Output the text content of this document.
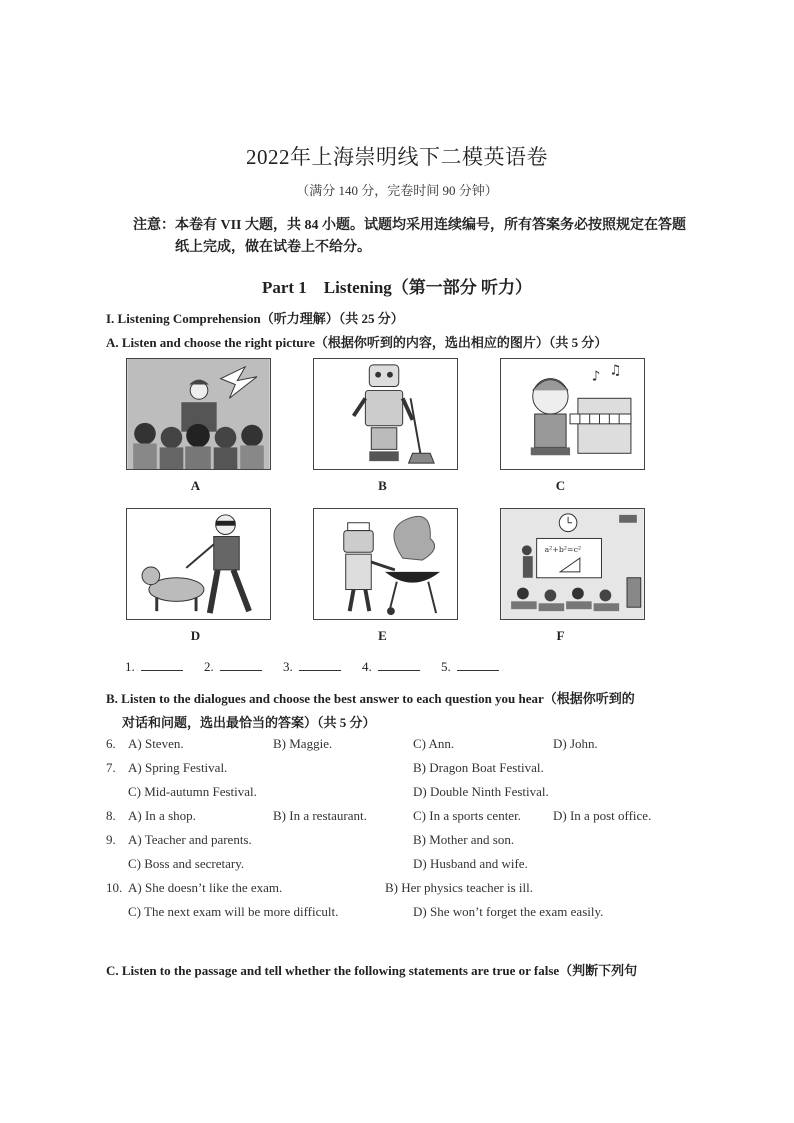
2022年上海崇明线下二模英语卷
（满分 140 分，完卷时间 90 分钟）
注意：本卷有 VII 大题，共 84 小题。试题均采用连续编号，所有答案务必按照规定在答题
纸上完成，做在试卷上不给分。
Part 1　Listening（第一部分 听力）
I. Listening Comprehension（听力理解）（共 25 分）
A. Listen and choose the right picture（根据你听到的内容，选出相应的图片）（共 5 分）
A	B
♪ ♫
C
D	E
a²+b²=c²
F
1.	2.	3.	4.	5.
B. Listen to the dialogues and choose the best answer to each question you hear（根据你听到的
对话和问题，选出最恰当的答案）（共 5 分）
6. A) Steven.	B) Maggie.	C) Ann.	D) John.
7. A) Spring Festival.	B) Dragon Boat Festival.
C) Mid-autumn Festival.	D) Double Ninth Festival.
8. A) In a shop.	B) In a restaurant.	C) In a sports center. D) In a post office.
9. A) Teacher and parents.	B) Mother and son.
C) Boss and secretary.	D) Husband and wife.
10. A) She doesn’t like the exam.	B) Her physics teacher is ill.
C) The next exam will be more difficult.	D) She won’t forget the exam easily.
C. Listen to the passage and tell whether the following statements are true or false（判断下列句
